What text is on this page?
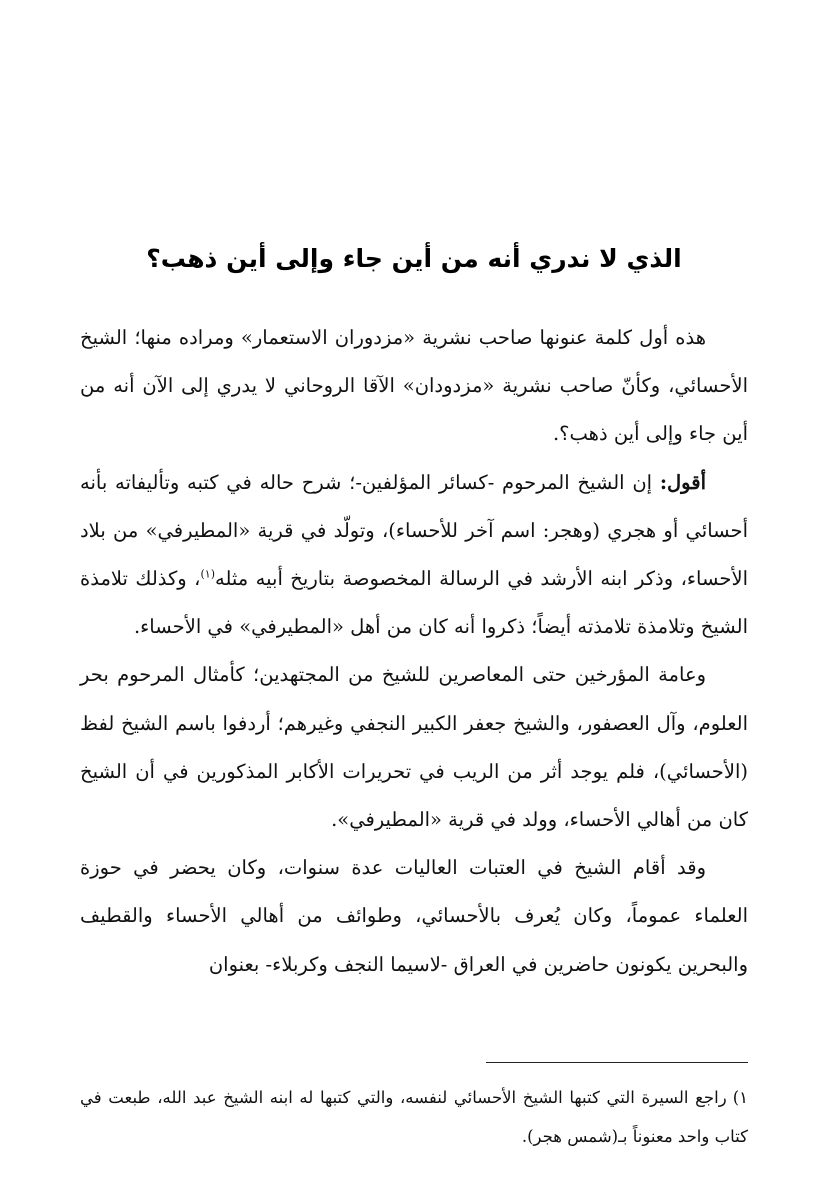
الذي لا ندري أنه من أين جاء وإلى أين ذهب؟

هذه أول كلمة عنونها صاحب نشرية «مزدوران الاستعمار» ومراده منها؛ الشيخ الأحسائي، وكأنّ صاحب نشرية «مزدودان» الآقا الروحاني لا يدري إلى الآن أنه من أين جاء وإلى أين ذهب؟.

أقول: إن الشيخ المرحوم -كسائر المؤلفين-؛ شرح حاله في كتبه وتأليفاته بأنه أحسائي أو هجري (وهجر: اسم آخر للأحساء)، وتولّد في قرية «المطيرفي» من بلاد الأحساء، وذكر ابنه الأرشد في الرسالة المخصوصة بتاريخ أبيه مثله$^{(١)}$، وكذلك تلامذة الشيخ وتلامذة تلامذته أيضاً؛ ذكروا أنه كان من أهل «المطيرفي» في الأحساء.

وعامة المؤرخين حتى المعاصرين للشيخ من المجتهدين؛ كأمثال المرحوم بحر العلوم، وآل العصفور، والشيخ جعفر الكبير النجفي وغيرهم؛ أردفوا باسم الشيخ لفظ (الأحسائي)، فلم يوجد أثر من الريب في تحريرات الأكابر المذكورين في أن الشيخ كان من أهالي الأحساء، وولد في قرية «المطيرفي».

وقد أقام الشيخ في العتبات العاليات عدة سنوات، وكان يحضر في حوزة العلماء عموماً، وكان يُعرف بالأحسائي، وطوائف من أهالي الأحساء والقطيف والبحرين يكونون حاضرين في العراق -لاسيما النجف وكربلاء- بعنوان

١)راجع السيرة التي كتبها الشيخ الأحسائي لنفسه، والتي كتبها له ابنه الشيخ عبد الله، طبعت في كتاب واحد معنوناً بـ(شمس هجر).
